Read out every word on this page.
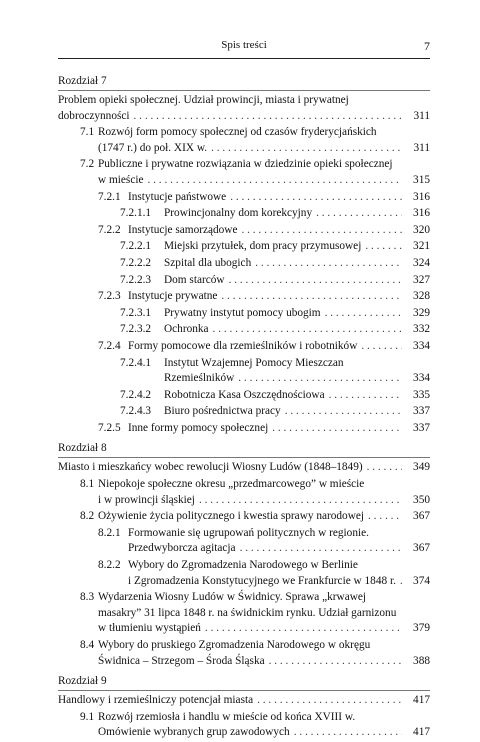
Spis treści	7
Rozdział 7
Problem opieki społecznej. Udział prowincji, miasta i prywatnej
dobroczynności . . .	311
7.1 Rozwój form pomocy społecznej od czasów fryderycjańskich
(1747 r.) do poł. XIX w. . . .	311
7.2 Publiczne i prywatne rozwiązania w dziedzinie opieki społecznej
w mieście . . .	315
7.2.1 Instytucje państwowe . . .	316
7.2.1.1	Prowincjonalny dom korekcyjny . . .	316
7.2.2 Instytucje samorządowe . . .	320
7.2.2.1	Miejski przytułek, dom pracy przymusowej . . .	321
7.2.2.2	Szpital dla ubogich . . .	324
7.2.2.3	Dom starców . . .	327
7.2.3 Instytucje prywatne . . .	328
7.2.3.1	Prywatny instytut pomocy ubogim . . .	329
7.2.3.2	Ochronka . . .	332
7.2.4 Formy pomocowe dla rzemieślników i robotników . . .	334
7.2.4.1	Instytut Wzajemnej Pomocy Mieszczan
Rzemieślników . . .	334
7.2.4.2	Robotnicza Kasa Oszczędnościowa . . .	335
7.2.4.3	Biuro pośrednictwa pracy . . .	337
7.2.5 Inne formy pomocy społecznej . . .	337
Rozdział 8
Miasto i mieszkańcy wobec rewolucji Wiosny Ludów (1848–1849) . . .	349
8.1 Niepokoje społeczne okresu „przedmarcowego” w mieście
i w prowincji śląskiej . . .	350
8.2 Ożywienie życia politycznego i kwestia sprawy narodowej . . .	367
8.2.1 Formowanie się ugrupowań politycznych w regionie.
Przedwyborcza agitacja . . .	367
8.2.2 Wybory do Zgromadzenia Narodowego w Berlinie
i Zgromadzenia Konstytucyjnego we Frankfurcie w 1848 r. . . .	374
8.3 Wydarzenia Wiosny Ludów w Świdnicy. Sprawa „krwawej
masakry” 31 lipca 1848 r. na świdnickim rynku. Udział garnizonu
w tłumieniu wystąpień . . .	379
8.4 Wybory do pruskiego Zgromadzenia Narodowego w okręgu
Świdnica – Strzegom – Środa Śląska . . .	388
Rozdział 9
Handlowy i rzemieślniczy potencjał miasta . . .	417
9.1 Rozwój rzemiosła i handlu w mieście od końca XVIII w.
Omówienie wybranych grup zawodowych . . .	417
